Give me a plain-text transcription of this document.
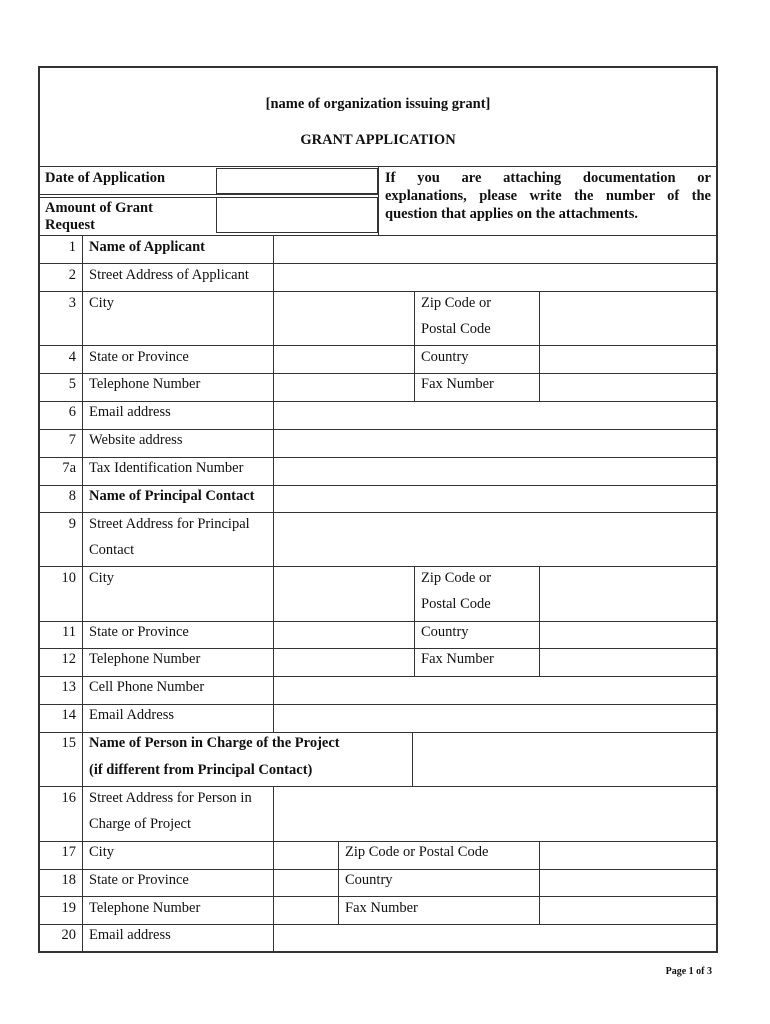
[name of organization issuing grant]
GRANT APPLICATION
Date of Application
Amount of Grant
Request
If you are attaching documentation or
explanations, please write the number of the
question that applies on the attachments.
1 Name of Applicant
2 Street Address of Applicant
3 City	Zip Code or
Postal Code
4 State or Province	Country
5 Telephone Number	Fax Number
6 Email address
7 Website address
7a Tax Identification Number
8 Name of Principal Contact
9 Street Address for Principal
Contact
10 City	Zip Code or
Postal Code
11 State or Province	Country
12 Telephone Number	Fax Number
13 Cell Phone Number
14 Email Address
15 Name of Person in Charge of the Project
(if different from Principal Contact)
16 Street Address for Person in
Charge of Project
17 City	Zip Code or Postal Code
18 State or Province	Country
19 Telephone Number	Fax Number
20 Email address
Page 1 of 3
